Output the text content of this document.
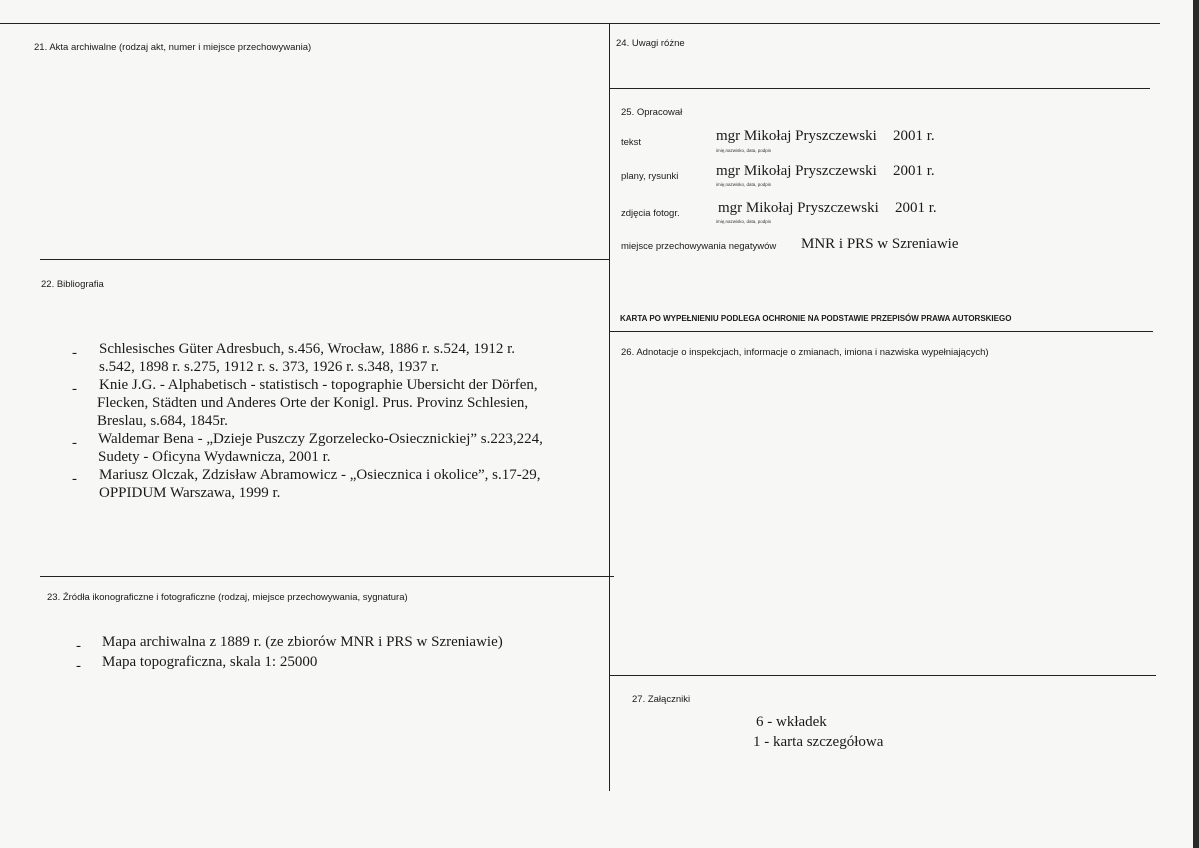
21. Akta archiwalne (rodzaj akt, numer i miejsce przechowywania)
22. Bibliografia
- Schlesisches Güter Adresbuch, s.456, Wrocław, 1886 r. s.524, 1912 r.
s.542, 1898 r. s.275, 1912 r. s. 373, 1926 r. s.348, 1937 r.
- Knie J.G. - Alphabetisch - statistisch - topographie Ubersicht der Dörfen,
Flecken, Städten und Anderes Orte der Konigl. Prus. Provinz Schlesien,
Breslau, s.684, 1845r.
- Waldemar Bena - „Dzieje Puszczy Zgorzelecko-Osiecznickiej” s.223,224,
Sudety - Oficyna Wydawnicza, 2001 r.
- Mariusz Olczak, Zdzisław Abramowicz - „Osiecznica i okolice”, s.17-29,
OPPIDUM Warszawa, 1999 r.
23. Źródła ikonograficzne i fotograficzne (rodzaj, miejsce przechowywania, sygnatura)
- Mapa archiwalna z 1889 r. (ze zbiorów MNR i PRS w Szreniawie)
- Mapa topograficzna, skala 1: 25000
24. Uwagi różne
25. Opracował
tekst	mgr Mikołaj Pryszczewski 2001 r.
imię,nazwisko, data, podpis
plany, rysunki	mgr Mikołaj Pryszczewski 2001 r.
imię,nazwisko, data, podpis
zdjęcia fotogr.	mgr Mikołaj Pryszczewski 2001 r.
imię,nazwisko, data, podpis
miejsce przechowywania negatywów MNR i PRS w Szreniawie
KARTA PO WYPEŁNIENIU PODLEGA OCHRONIE NA PODSTAWIE PRZEPISÓW PRAWA AUTORSKIEGO
26. Adnotacje o inspekcjach, informacje o zmianach, imiona i nazwiska wypełniających)
27. Załączniki
6 - wkładek
1 - karta szczegółowa
